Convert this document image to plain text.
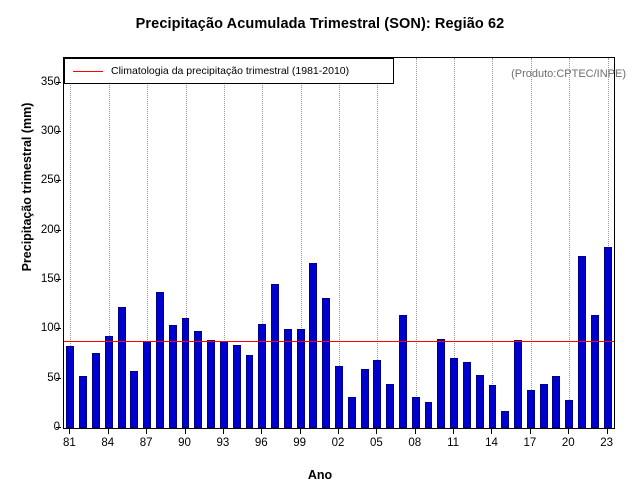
Precipitação Acumulada Trimestral (SON): Região 62
Climatologia da precipitação trimestral (1981-2010)	(Produto:CPTEC/INPE)
0
50
100
150
200
250
300
350
Precipitação trimestral (mm)
81	84	87	90	93	96	99	02	05	08	11	14	17	20	23
Ano
